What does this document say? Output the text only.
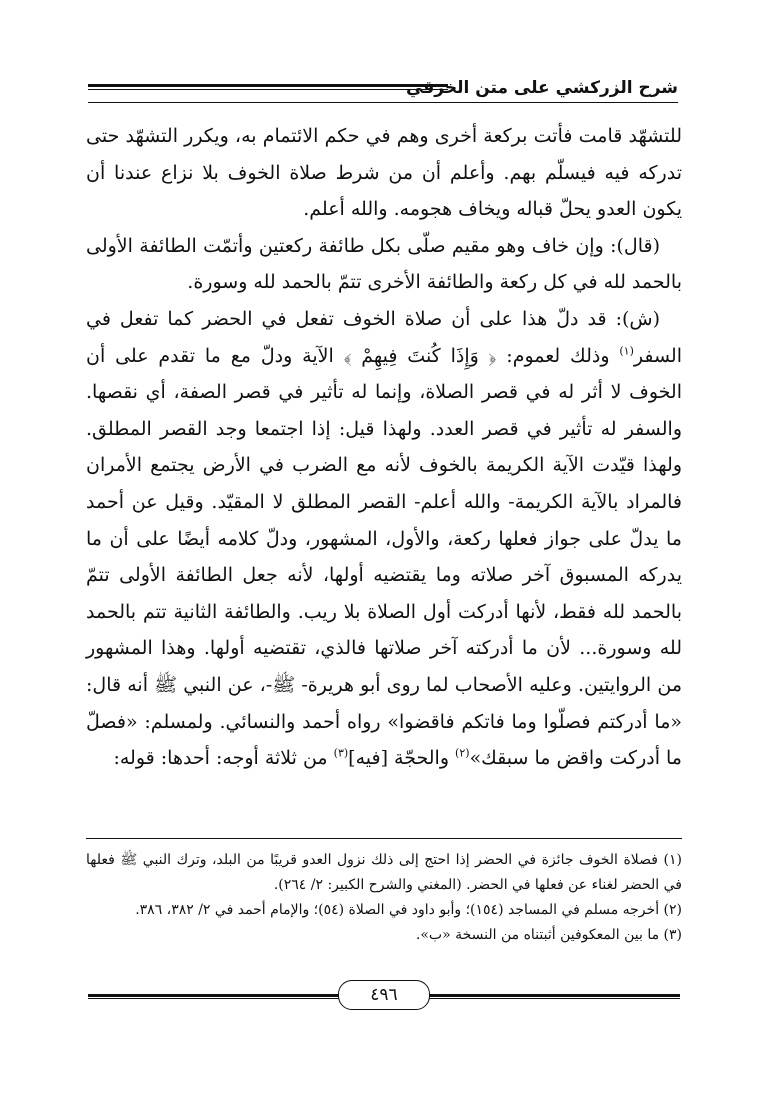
شرح الزركشي على متن الخرقي

للتشهّد قامت فأتت بركعة أخرى وهم في حكم الائتمام به، ويكرر التشهّد حتى تدركه فيه فيسلّم بهم. وأعلم أن من شرط صلاة الخوف بلا نزاع عندنا أن يكون العدو يحلّ قباله ويخاف هجومه. والله أعلم.

(قال): وإن خاف وهو مقيم صلّى بكل طائفة ركعتين وأتمّت الطائفة الأولى بالحمد لله في كل ركعة والطائفة الأخرى تتمّ بالحمد لله وسورة.

(ش): قد دلّ هذا على أن صلاة الخوف تفعل في الحضر كما تفعل في السفر$^{(١)}$ وذلك لعموم: ﴿ وَإِذَا كُنتَ فِيهِمْ ﴾ الآية ودلّ مع ما تقدم على أن الخوف لا أثر له في قصر الصلاة، وإنما له تأثير في قصر الصفة، أي نقصها. والسفر له تأثير في قصر العدد. ولهذا قيل: إذا اجتمعا وجد القصر المطلق. ولهذا قيّدت الآية الكريمة بالخوف لأنه مع الضرب في الأرض يجتمع الأمران فالمراد بالآية الكريمة- والله أعلم- القصر المطلق لا المقيّد. وقيل عن أحمد ما يدلّ على جواز فعلها ركعة، والأول، المشهور، ودلّ كلامه أيضًا على أن ما يدركه المسبوق آخر صلاته وما يقتضيه أولها، لأنه جعل الطائفة الأولى تتمّ بالحمد لله فقط، لأنها أدركت أول الصلاة بلا ريب. والطائفة الثانية تتم بالحمد لله وسورة... لأن ما أدركته آخر صلاتها فالذي، تقتضيه أولها. وهذا المشهور من الروايتين. وعليه الأصحاب لما روى أبو هريرة- ﷺ-، عن النبي ﷺ أنه قال: «ما أدركتم فصلّوا وما فاتكم فاقضوا» رواه أحمد والنسائي. ولمسلم: «فصلّ ما أدركت واقض ما سبقك»$^{(٢)}$ والحجّة [فيه]$^{(٣)}$ من ثلاثة أوجه: أحدها: قوله:

(١) فصلاة الخوف جائزة في الحضر إذا احتج إلى ذلك نزول العدو قريبًا من البلد، وترك النبي ﷺ فعلها في الحضر لغناء عن فعلها في الحضر. (المغني والشرح الكبير: ٢/ ٢٦٤).

(٢) أخرجه مسلم في المساجد (١٥٤)؛ وأبو داود في الصلاة (٥٤)؛ والإمام أحمد في ٢/ ٣٨٢، ٣٨٦.

(٣) ما بين المعكوفين أثبتناه من النسخة «ب».

٤٩٦
